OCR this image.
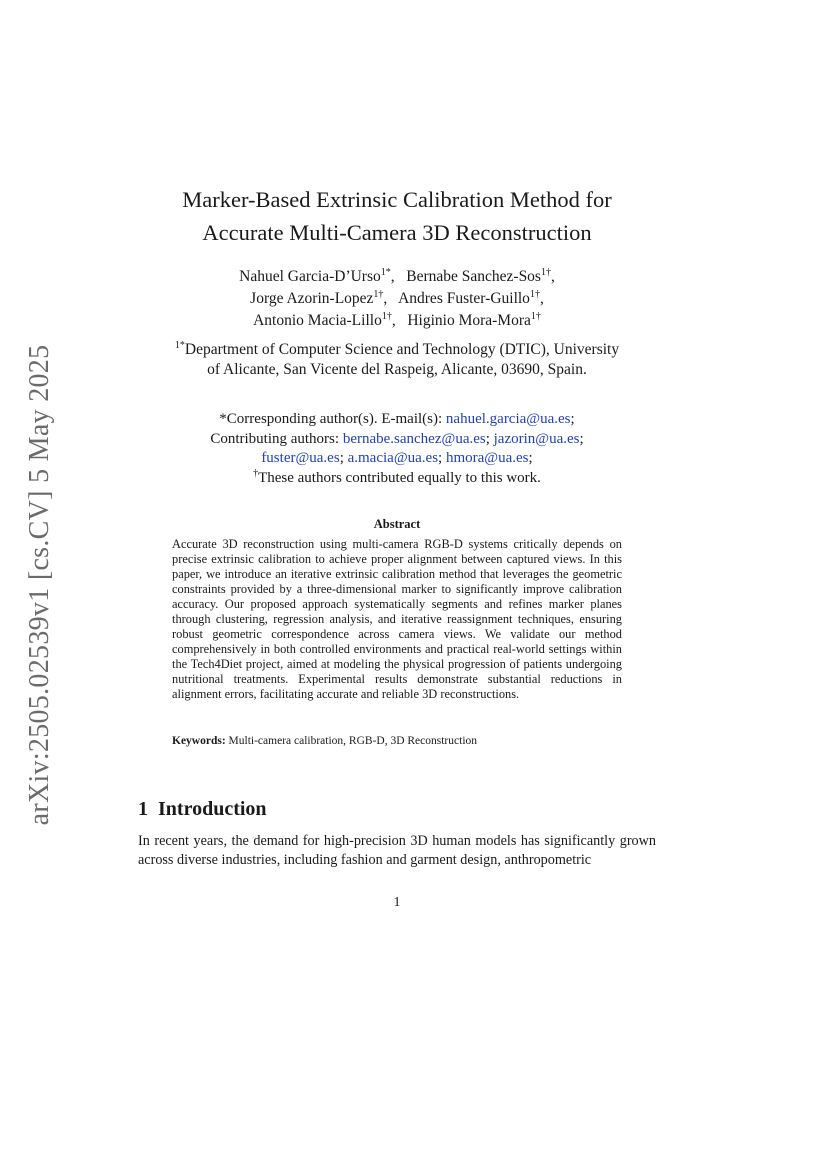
arXiv:2505.02539v1 [cs.CV] 5 May 2025
Marker-Based Extrinsic Calibration Method for
Accurate Multi-Camera 3D Reconstruction
Nahuel Garcia-D’Urso$^{1*}$, Bernabe Sanchez-Sos$^{1\dagger}$,
Jorge Azorin-Lopez$^{1\dagger}$, Andres Fuster-Guillo$^{1\dagger}$,
Antonio Macia-Lillo$^{1\dagger}$, Higinio Mora-Mora$^{1\dagger}$
$^{1*}$Department of Computer Science and Technology (DTIC), University
of Alicante, San Vicente del Raspeig, Alicante, 03690, Spain.
*Corresponding author(s). E-mail(s): nahuel.garcia@ua.es;
Contributing authors: bernabe.sanchez@ua.es; jazorin@ua.es;
fuster@ua.es; a.macia@ua.es; hmora@ua.es;
†These authors contributed equally to this work.
Abstract
Accurate 3D reconstruction using multi-camera RGB-D systems critically depends on precise extrinsic calibration to achieve proper alignment between captured views. In this paper, we introduce an iterative extrinsic calibration method that leverages the geometric constraints provided by a three-dimensional marker to significantly improve calibration accuracy. Our proposed approach systematically segments and refines marker planes through clustering, regression analysis, and iterative reassignment techniques, ensuring robust geometric correspondence across camera views. We validate our method comprehensively in both controlled environments and practical real-world settings within the Tech4Diet project, aimed at modeling the physical progression of patients undergoing nutritional treatments. Experimental results demonstrate substantial reductions in alignment errors, facilitating accurate and reliable 3D reconstructions.
Keywords: Multi-camera calibration, RGB-D, 3D Reconstruction
1 Introduction
In recent years, the demand for high-precision 3D human models has significantly grown across diverse industries, including fashion and garment design, anthropometric
1
